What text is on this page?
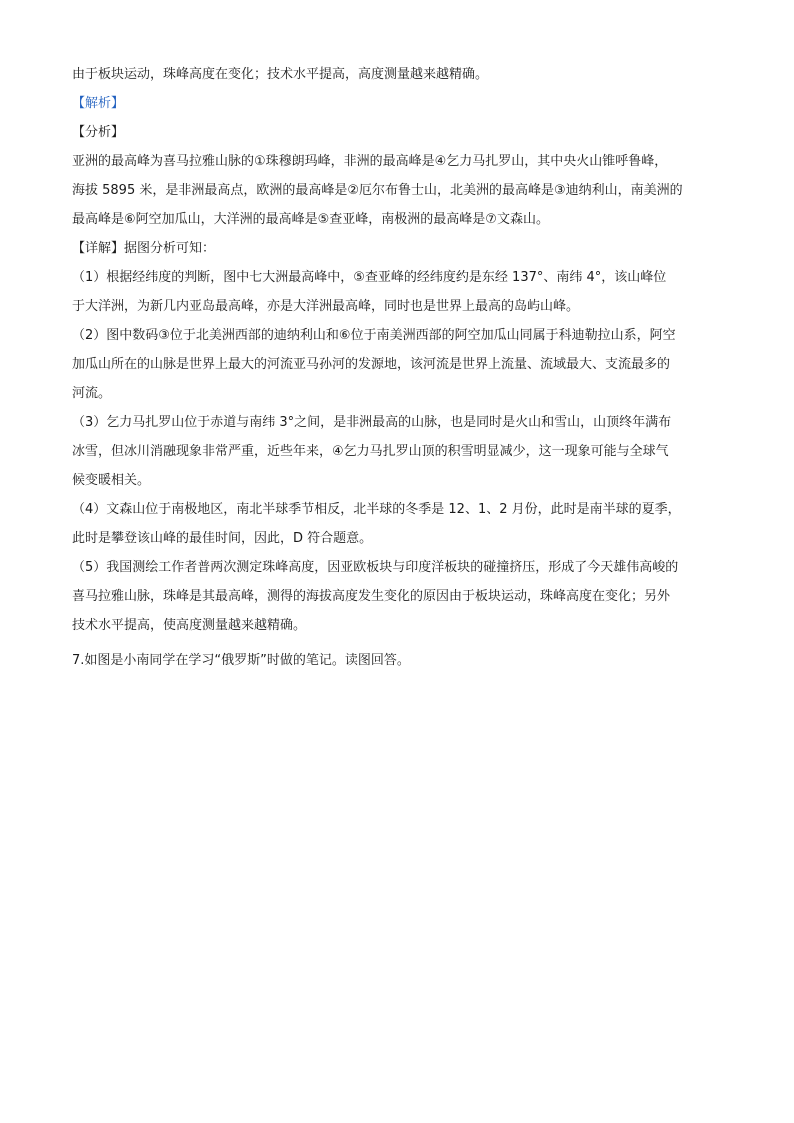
由于板块运动，珠峰高度在变化；技术水平提高，高度测量越来越精确。

【解析】

【分析】

亚洲的最高峰为喜马拉雅山脉的①珠穆朗玛峰，非洲的最高峰是④乞力马扎罗山，其中央火山锥呼鲁峰，

海拔 5895 米，是非洲最高点，欧洲的最高峰是②厄尔布鲁士山，北美洲的最高峰是③迪纳利山，南美洲的

最高峰是⑥阿空加瓜山，大洋洲的最高峰是⑤查亚峰，南极洲的最高峰是⑦文森山。

【详解】据图分析可知：

（1）根据经纬度的判断，图中七大洲最高峰中，⑤查亚峰的经纬度约是东经 137°、南纬 4°，该山峰位

于大洋洲，为新几内亚岛最高峰，亦是大洋洲最高峰，同时也是世界上最高的岛屿山峰。

（2）图中数码③位于北美洲西部的迪纳利山和⑥位于南美洲西部的阿空加瓜山同属于科迪勒拉山系，阿空

加瓜山所在的山脉是世界上最大的河流亚马孙河的发源地，该河流是世界上流量、流域最大、支流最多的

河流。

（3）乞力马扎罗山位于赤道与南纬 3°之间，是非洲最高的山脉，也是同时是火山和雪山，山顶终年满布

冰雪，但冰川消融现象非常严重，近些年来，④乞力马扎罗山顶的积雪明显减少，这一现象可能与全球气

候变暖相关。

（4）文森山位于南极地区，南北半球季节相反，北半球的冬季是 12、1、2 月份，此时是南半球的夏季，

此时是攀登该山峰的最佳时间，因此，D 符合题意。

（5）我国测绘工作者普两次测定珠峰高度，因亚欧板块与印度洋板块的碰撞挤压，形成了今天雄伟高峻的

喜马拉雅山脉，珠峰是其最高峰，测得的海拔高度发生变化的原因由于板块运动，珠峰高度在变化；另外

技术水平提高，使高度测量越来越精确。

7.如图是小南同学在学习“俄罗斯”时做的笔记。读图回答。
